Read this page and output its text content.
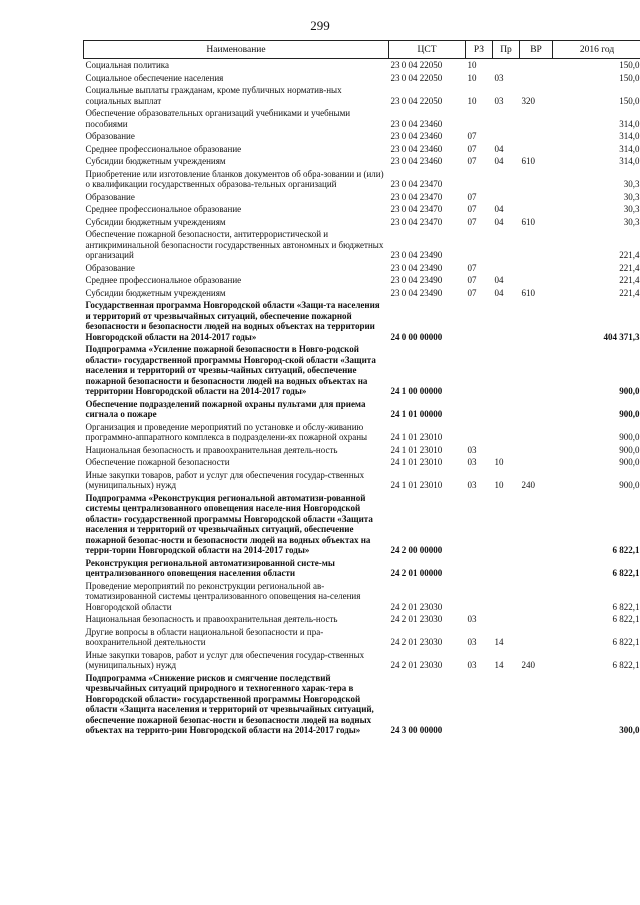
299
Наименование	ЦСТ	РЗ	Пр	ВР	2016 год
Социальная политика	23 0 04 22050	10			150,0
Социальное обеспечение населения	23 0 04 22050	10	03		150,0
Социальные выплаты гражданам, кроме публичных норматив-ных социальных выплат	23 0 04 22050	10	03	320	150,0
Обеспечение образовательных организаций учебниками и учебными пособиями	23 0 04 23460				314,0
Образование	23 0 04 23460	07			314,0
Среднее профессиональное образование	23 0 04 23460	07	04		314,0
Субсидии бюджетным учреждениям	23 0 04 23460	07	04	610	314,0
Приобретение или изготовление бланков документов об обра-зовании и (или) о квалификации государственных образова-тельных организаций	23 0 04 23470				30,3
Образование	23 0 04 23470	07			30,3
Среднее профессиональное образование	23 0 04 23470	07	04		30,3
Субсидии бюджетным учреждениям	23 0 04 23470	07	04	610	30,3
Обеспечение пожарной безопасности, антитеррористической и антикриминальной безопасности государственных автономных и бюджетных организаций	23 0 04 23490				221,4
Образование	23 0 04 23490	07			221,4
Среднее профессиональное образование	23 0 04 23490	07	04		221,4
Субсидии бюджетным учреждениям	23 0 04 23490	07	04	610	221,4
Государственная программа Новгородской области «Защи-та населения и территорий от чрезвычайных ситуаций, обеспечение пожарной безопасности и безопасности людей на водных объектах на территории Новгородской области на 2014-2017 годы»	24 0 00 00000				404 371,3
Подпрограмма «Усиление пожарной безопасности в Новго-родской области» государственной программы Новгород-ской области «Защита населения и территорий от чрезвы-чайных ситуаций, обеспечение пожарной безопасности и безопасности людей на водных объектах на территории Новгородской области на 2014-2017 годы»	24 1 00 00000				900,0
Обеспечение подразделений пожарной охраны пультами для приема сигнала о пожаре	24 1 01 00000				900,0
Организация и проведение мероприятий по установке и обслу-живанию программно-аппаратного комплекса в подразделени-ях пожарной охраны	24 1 01 23010				900,0
Национальная безопасность и правоохранительная деятель-ность	24 1 01 23010	03			900,0
Обеспечение пожарной безопасности	24 1 01 23010	03	10		900,0
Иные закупки товаров, работ и услуг для обеспечения государ-ственных (муниципальных) нужд	24 1 01 23010	03	10	240	900,0
Подпрограмма «Реконструкция региональной автоматизи-рованной системы централизованного оповещения населе-ния Новгородской области» государственной программы Новгородской области «Защита населения и территорий от чрезвычайных ситуаций, обеспечение пожарной безопас-ности и безопасности людей на водных объектах на терри-тории Новгородской области на 2014-2017 годы»	24 2 00 00000				6 822,1
Реконструкция региональной автоматизированной систе-мы централизованного оповещения населения области	24 2 01 00000				6 822,1
Проведение мероприятий по реконструкции региональной ав-томатизированной системы централизованного оповещения на-селения Новгородской области	24 2 01 23030				6 822,1
Национальная безопасность и правоохранительная деятель-ность	24 2 01 23030	03			6 822,1
Другие вопросы в области национальной безопасности и пра-воохранительной деятельности	24 2 01 23030	03	14		6 822,1
Иные закупки товаров, работ и услуг для обеспечения государ-ственных (муниципальных) нужд	24 2 01 23030	03	14	240	6 822,1
Подпрограмма «Снижение рисков и смягчение последствий чрезвычайных ситуаций природного и техногенного харак-тера в Новгородской области» государственной программы Новгородской области «Защита населения и территорий от чрезвычайных ситуаций, обеспечение пожарной безопас-ности и безопасности людей на водных объектах на террито-рии Новгородской области на 2014-2017 годы»	24 3 00 00000				300,0
